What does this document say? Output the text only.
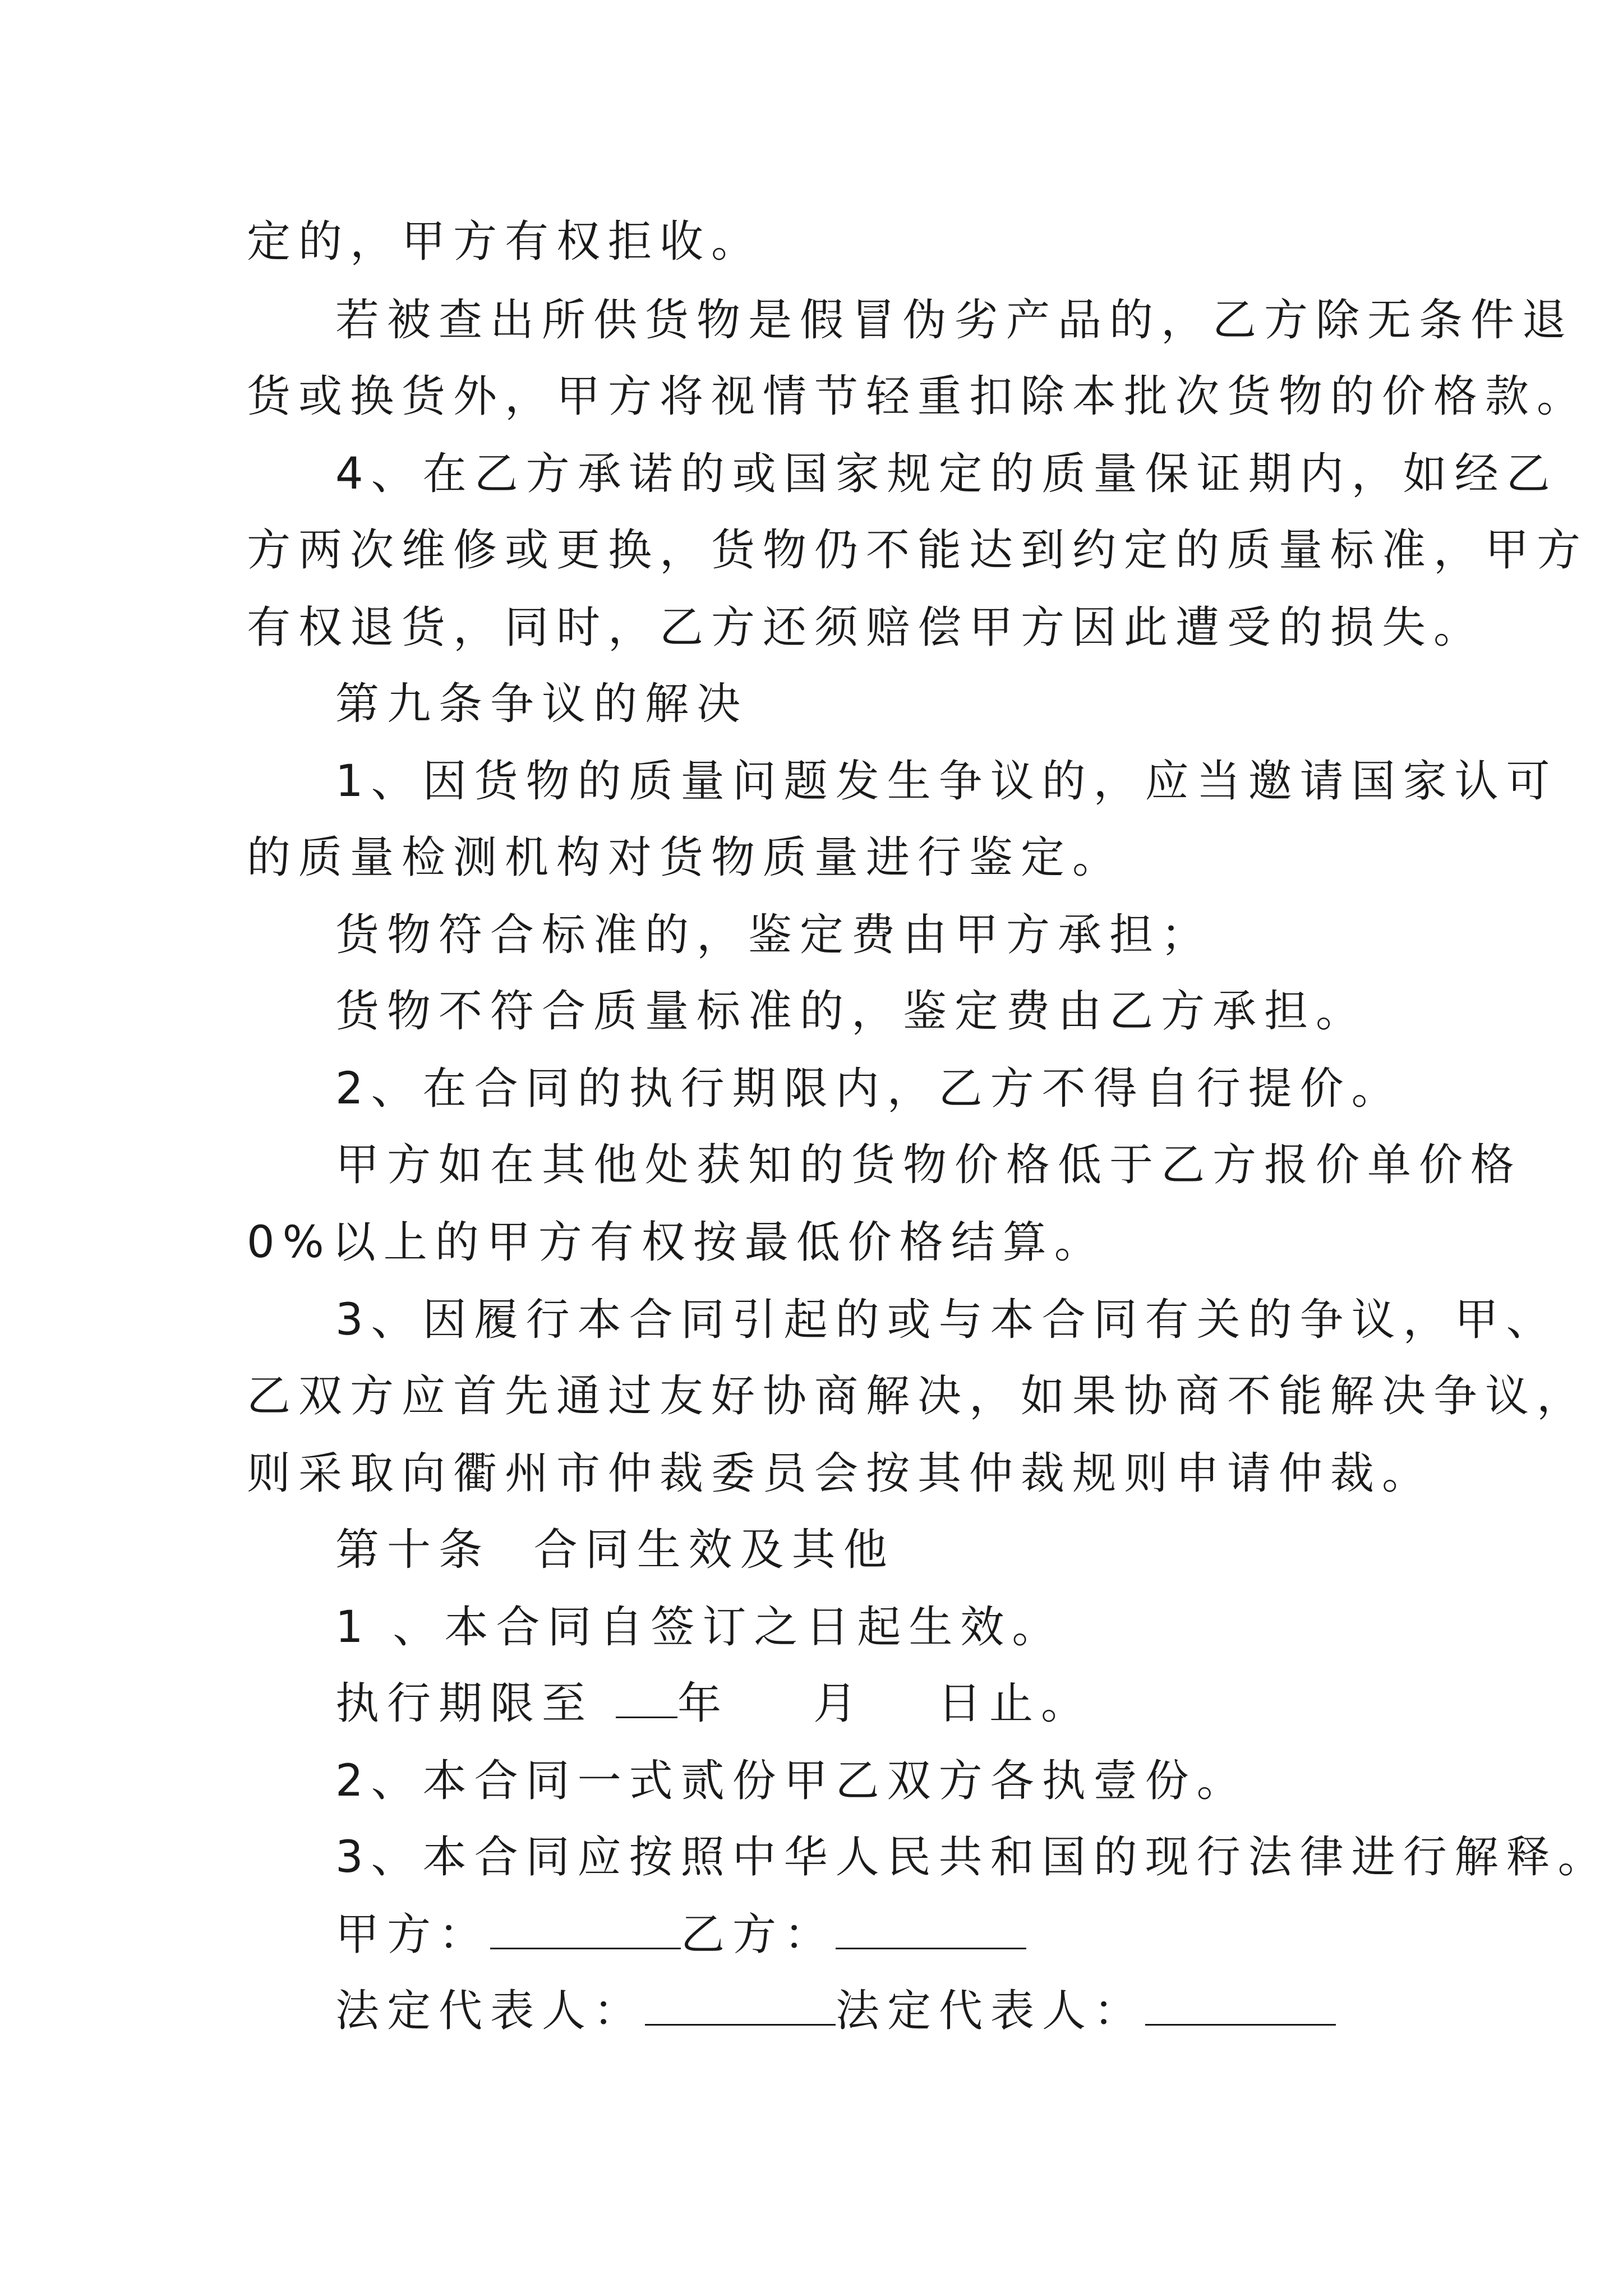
定的，甲方有权拒收。
若被查出所供货物是假冒伪劣产品的，乙方除无条件退
货或换货外，甲方将视情节轻重扣除本批次货物的价格款。
4、在乙方承诺的或国家规定的质量保证期内，如经乙
方两次维修或更换，货物仍不能达到约定的质量标准，甲方
有权退货，同时，乙方还须赔偿甲方因此遭受的损失。
第九条争议的解决
1、因货物的质量问题发生争议的，应当邀请国家认可
的质量检测机构对货物质量进行鉴定。
货物符合标准的，鉴定费由甲方承担；
货物不符合质量标准的，鉴定费由乙方承担。
2、在合同的执行期限内，乙方不得自行提价。
甲方如在其他处获知的货物价格低于乙方报价单价格
0%以上的甲方有权按最低价格结算。
3、因履行本合同引起的或与本合同有关的争议，甲、
乙双方应首先通过友好协商解决，如果协商不能解决争议，
则采取向衢州市仲裁委员会按其仲裁规则申请仲裁。
第十条  合同生效及其他
1 、本合同自签订之日起生效。
执行期限至 年 月 日止。
2、本合同一式贰份甲乙双方各执壹份。
3、本合同应按照中华人民共和国的现行法律进行解释。
甲方：	乙方：
法定代表人：	法定代表人：
